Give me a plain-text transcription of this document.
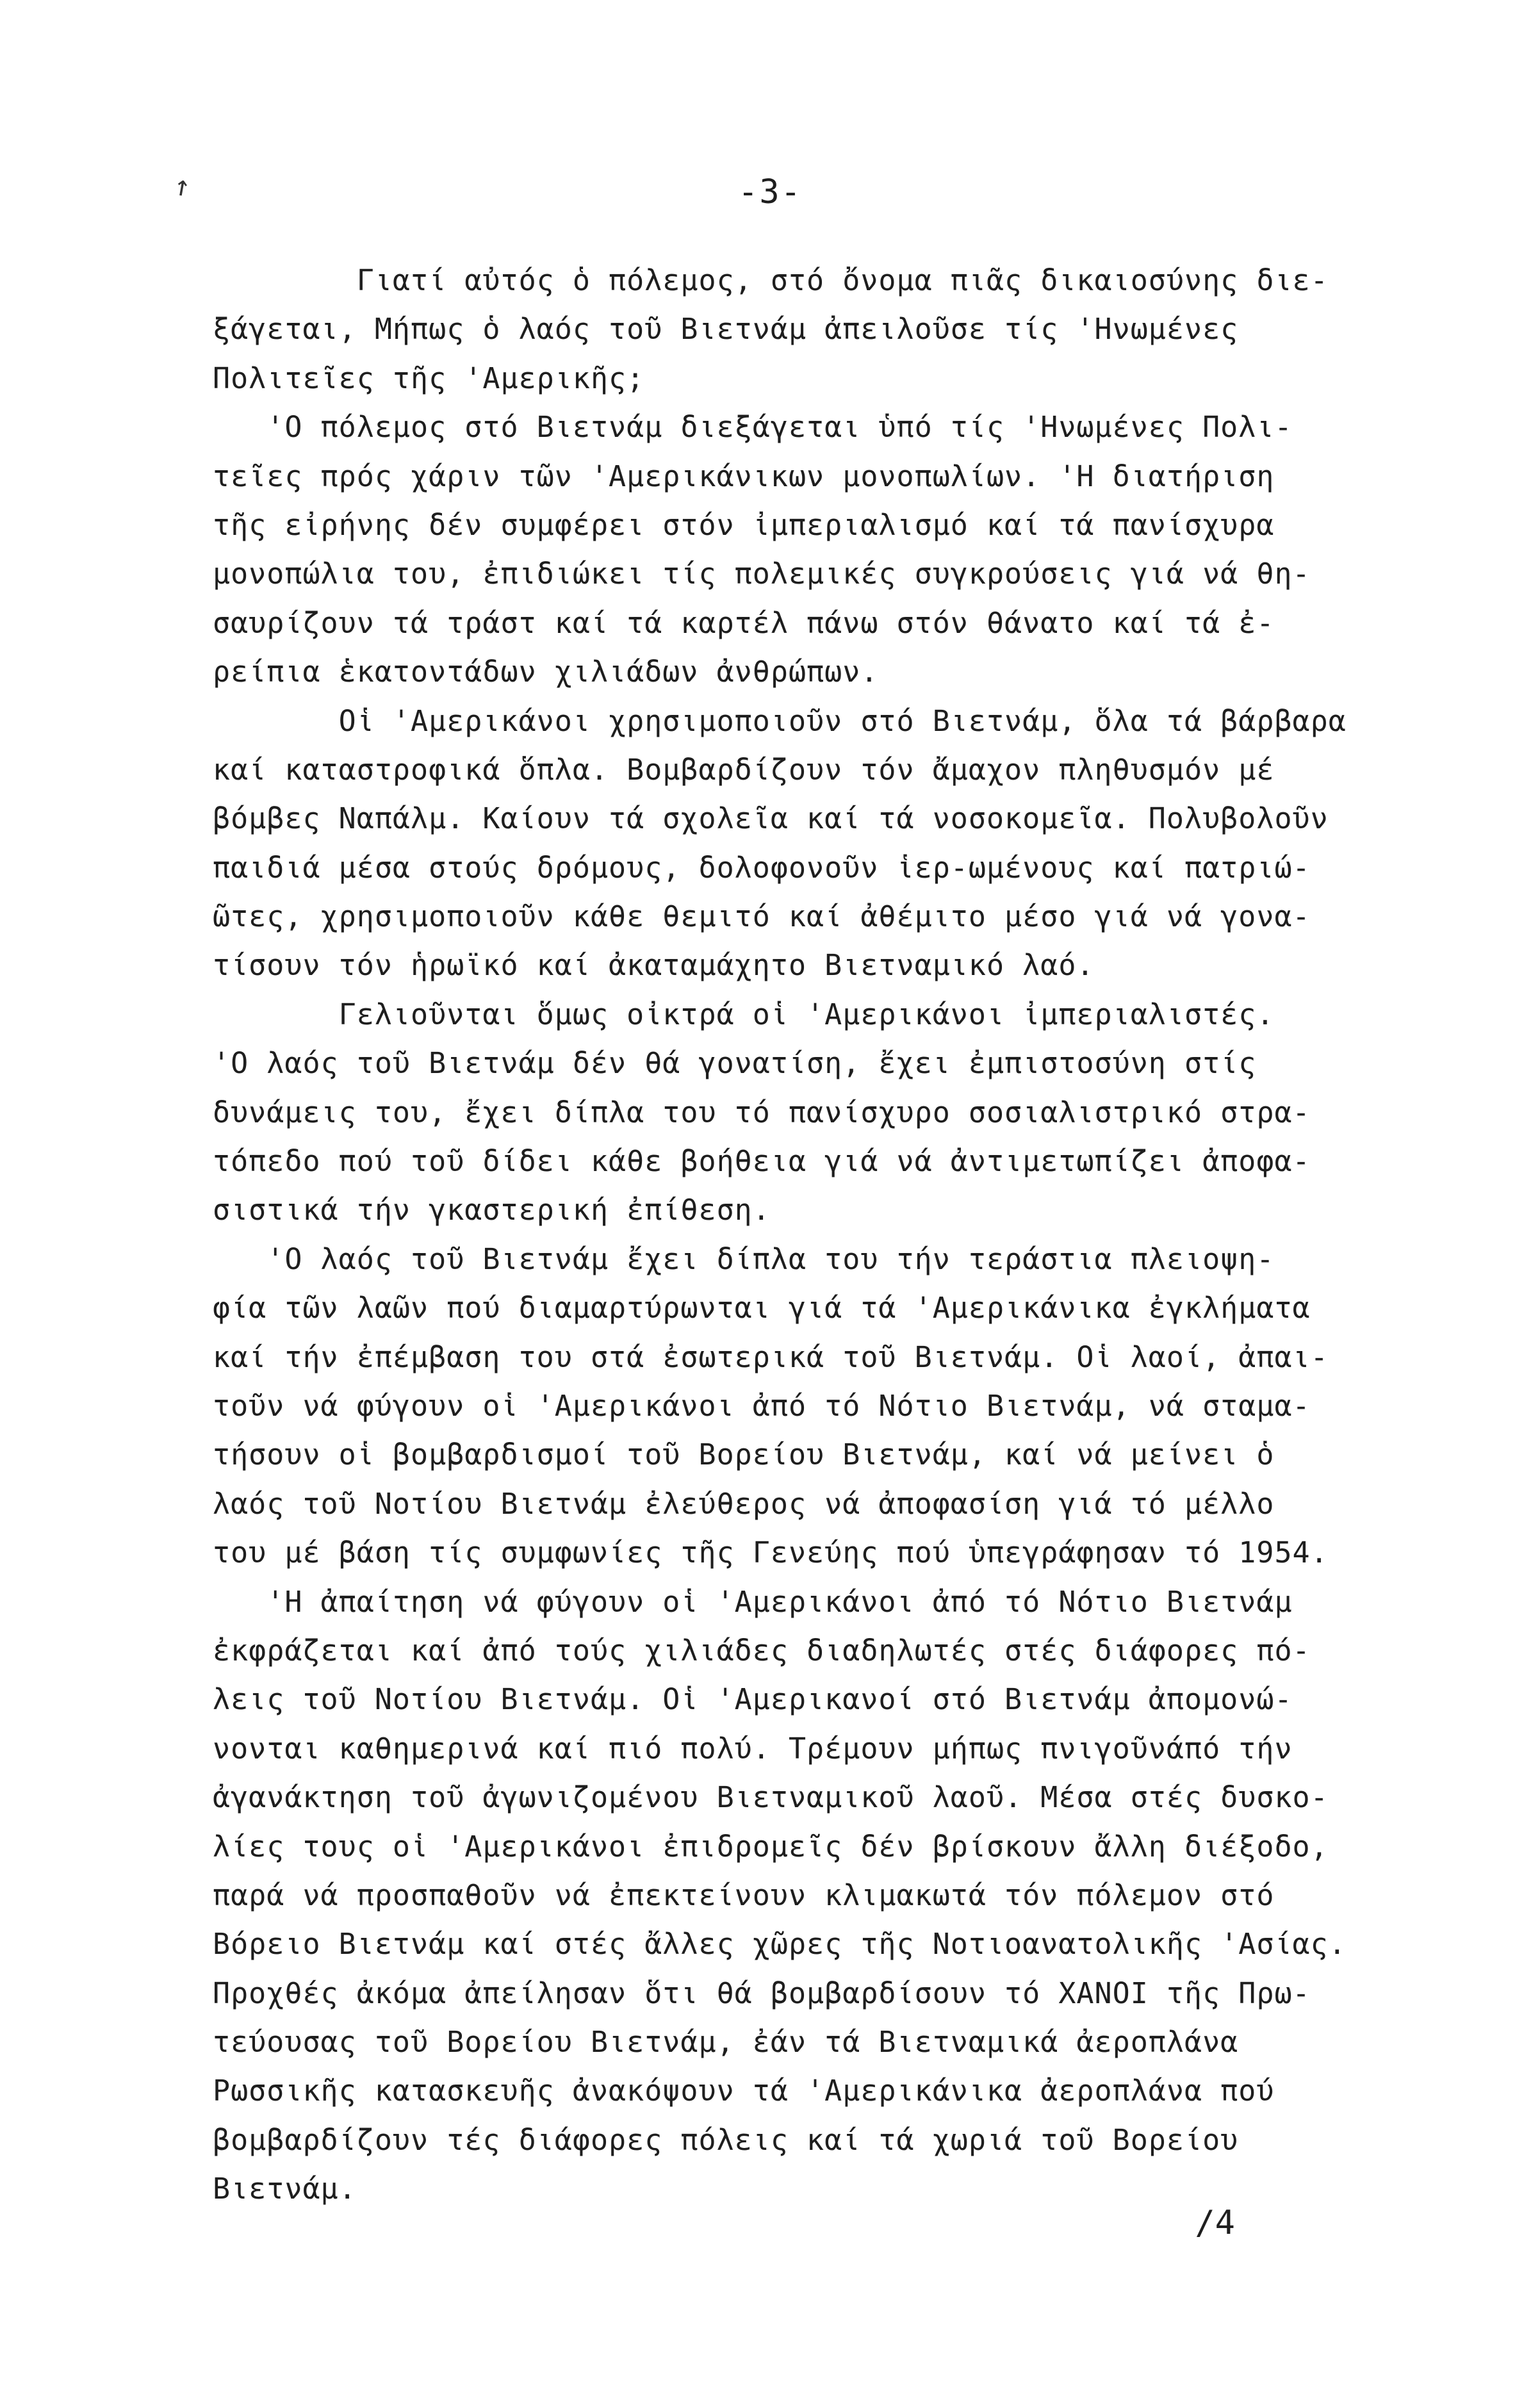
↗	-3-
Γιατί αὐτός ὁ πόλεμος, στό ὄνομα πιᾶς δικαιοσύνης διε-
ξάγεται, Μήπως ὁ λαός τοῦ Βιετνάμ ἀπειλοῦσε τίς 'Ηνωμένες
Πολιτεῖες τῆς 'Αμερικῆς;
'Ο πόλεμος στό Βιετνάμ διεξάγεται ὑπό τίς 'Ηνωμένες Πολι-
τεῖες πρός χάριν τῶν 'Αμερικάνικων μονοπωλίων. 'Η διατήριση
τῆς εἰρήνης δέν συμφέρει στόν ἰμπεριαλισμό καί τά πανίσχυρα
μονοπώλια του, ἐπιδιώκει τίς πολεμικές συγκρούσεις γιά νά θη-
σαυρίζουν τά τράστ καί τά καρτέλ πάνω στόν θάνατο καί τά ἐ-
ρείπια ἑκατοντάδων χιλιάδων ἀνθρώπων.
Οἱ 'Αμερικάνοι χρησιμοποιοῦν στό Βιετνάμ, ὅλα τά βάρβαρα
καί καταστροφικά ὅπλα. Βομβαρδίζουν τόν ἄμαχον πληθυσμόν μέ
βόμβες Ναπάλμ. Καίουν τά σχολεῖα καί τά νοσοκομεῖα. Πολυβολοῦν
παιδιά μέσα στούς δρόμους, δολοφονοῦν ἱερ-ωμένους καί πατριώ-
ῶτες, χρησιμοποιοῦν κάθε θεμιτό καί ἀθέμιτο μέσο γιά νά γονα-
τίσουν τόν ἡρωϊκό καί ἀκαταμάχητο Βιετναμικό λαό.
Γελιοῦνται ὅμως οἰκτρά οἱ 'Αμερικάνοι ἰμπεριαλιστές.
'Ο λαός τοῦ Βιετνάμ δέν θά γονατίση, ἔχει ἐμπιστοσύνη στίς
δυνάμεις του, ἔχει δίπλα του τό πανίσχυρο σοσιαλιστρικό στρα-
τόπεδο πού τοῦ δίδει κάθε βοήθεια γιά νά ἀντιμετωπίζει ἀποφα-
σιστικά τήν γκαστερική ἐπίθεση.
'Ο λαός τοῦ Βιετνάμ ἔχει δίπλα του τήν τεράστια πλειοψη-
φία τῶν λαῶν πού διαμαρτύρωνται γιά τά 'Αμερικάνικα ἐγκλήματα
καί τήν ἐπέμβαση του στά ἐσωτερικά τοῦ Βιετνάμ. Οἱ λαοί, ἀπαι-
τοῦν νά φύγουν οἱ 'Αμερικάνοι ἀπό τό Νότιο Βιετνάμ, νά σταμα-
τήσουν οἱ βομβαρδισμοί τοῦ Βορείου Βιετνάμ, καί νά μείνει ὁ
λαός τοῦ Νοτίου Βιετνάμ ἐλεύθερος νά ἀποφασίση γιά τό μέλλο
του μέ βάση τίς συμφωνίες τῆς Γενεύης πού ὑπεγράφησαν τό 1954.
'Η ἀπαίτηση νά φύγουν οἱ 'Αμερικάνοι ἀπό τό Νότιο Βιετνάμ
ἐκφράζεται καί ἀπό τούς χιλιάδες διαδηλωτές στές διάφορες πό-
λεις τοῦ Νοτίου Βιετνάμ. Οἱ 'Αμερικανοί στό Βιετνάμ ἀπομονώ-
νονται καθημερινά καί πιό πολύ. Τρέμουν μήπως πνιγοῦνάπό τήν
ἀγανάκτηση τοῦ ἀγωνιζομένου Βιετναμικοῦ λαοῦ. Μέσα στές δυσκο-
λίες τους οἱ 'Αμερικάνοι ἐπιδρομεῖς δέν βρίσκουν ἄλλη διέξοδο,
παρά νά προσπαθοῦν νά ἐπεκτείνουν κλιμακωτά τόν πόλεμον στό
Βόρειο Βιετνάμ καί στές ἄλλες χῶρες τῆς Νοτιοανατολικῆς 'Ασίας.
Προχθές ἀκόμα ἀπείλησαν ὅτι θά βομβαρδίσουν τό ΧΑΝΟΙ τῆς Πρω-
τεύουσας τοῦ Βορείου Βιετνάμ, ἐάν τά Βιετναμικά ἀεροπλάνα
Ρωσσικῆς κατασκευῆς ἀνακόψουν τά 'Αμερικάνικα ἀεροπλάνα πού
βομβαρδίζουν τές διάφορες πόλεις καί τά χωριά τοῦ Βορείου
Βιετνάμ.
/4
